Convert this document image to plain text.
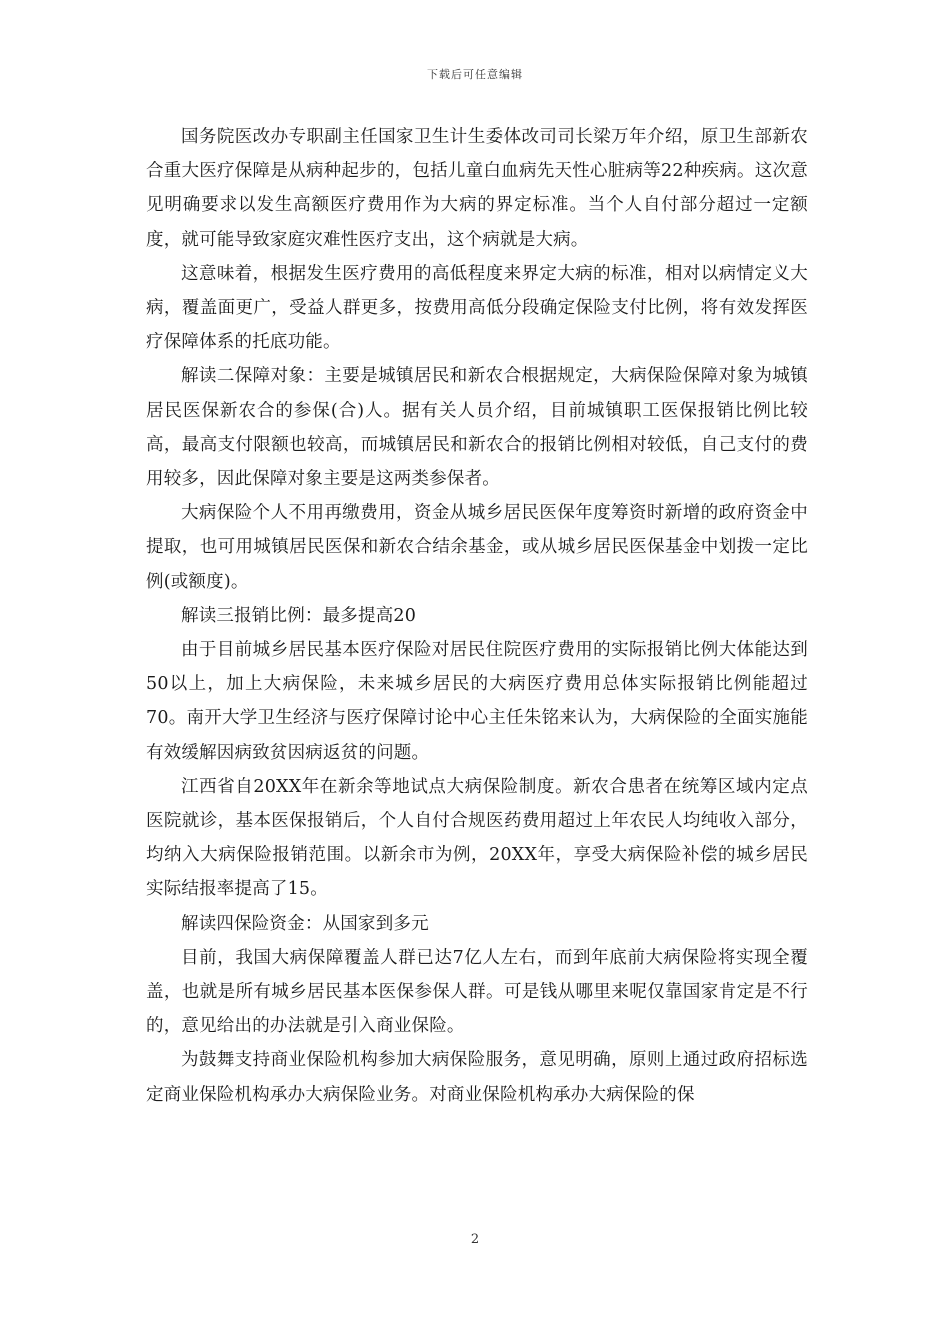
下载后可任意编辑

国务院医改办专职副主任国家卫生计生委体改司司长梁万年介绍，原卫生部新农合重大医疗保障是从病种起步的，包括儿童白血病先天性心脏病等22种疾病。这次意见明确要求以发生高额医疗费用作为大病的界定标准。当个人自付部分超过一定额度，就可能导致家庭灾难性医疗支出，这个病就是大病。

这意味着，根据发生医疗费用的高低程度来界定大病的标准，相对以病情定义大病，覆盖面更广，受益人群更多，按费用高低分段确定保险支付比例，将有效发挥医疗保障体系的托底功能。

解读二保障对象：主要是城镇居民和新农合根据规定，大病保险保障对象为城镇居民医保新农合的参保(合)人。据有关人员介绍，目前城镇职工医保报销比例比较高，最高支付限额也较高，而城镇居民和新农合的报销比例相对较低，自己支付的费用较多，因此保障对象主要是这两类参保者。

大病保险个人不用再缴费用，资金从城乡居民医保年度筹资时新增的政府资金中提取，也可用城镇居民医保和新农合结余基金，或从城乡居民医保基金中划拨一定比例(或额度)。

解读三报销比例：最多提高20

由于目前城乡居民基本医疗保险对居民住院医疗费用的实际报销比例大体能达到50以上，加上大病保险，未来城乡居民的大病医疗费用总体实际报销比例能超过70。南开大学卫生经济与医疗保障讨论中心主任朱铭来认为，大病保险的全面实施能有效缓解因病致贫因病返贫的问题。

江西省自20XX年在新余等地试点大病保险制度。新农合患者在统筹区域内定点医院就诊，基本医保报销后，个人自付合规医药费用超过上年农民人均纯收入部分，均纳入大病保险报销范围。以新余市为例，20XX年，享受大病保险补偿的城乡居民实际结报率提高了15。

解读四保险资金：从国家到多元

目前，我国大病保障覆盖人群已达7亿人左右，而到年底前大病保险将实现全覆盖，也就是所有城乡居民基本医保参保人群。可是钱从哪里来呢仅靠国家肯定是不行的，意见给出的办法就是引入商业保险。

为鼓舞支持商业保险机构参加大病保险服务，意见明确，原则上通过政府招标选定商业保险机构承办大病保险业务。对商业保险机构承办大病保险的保

2
